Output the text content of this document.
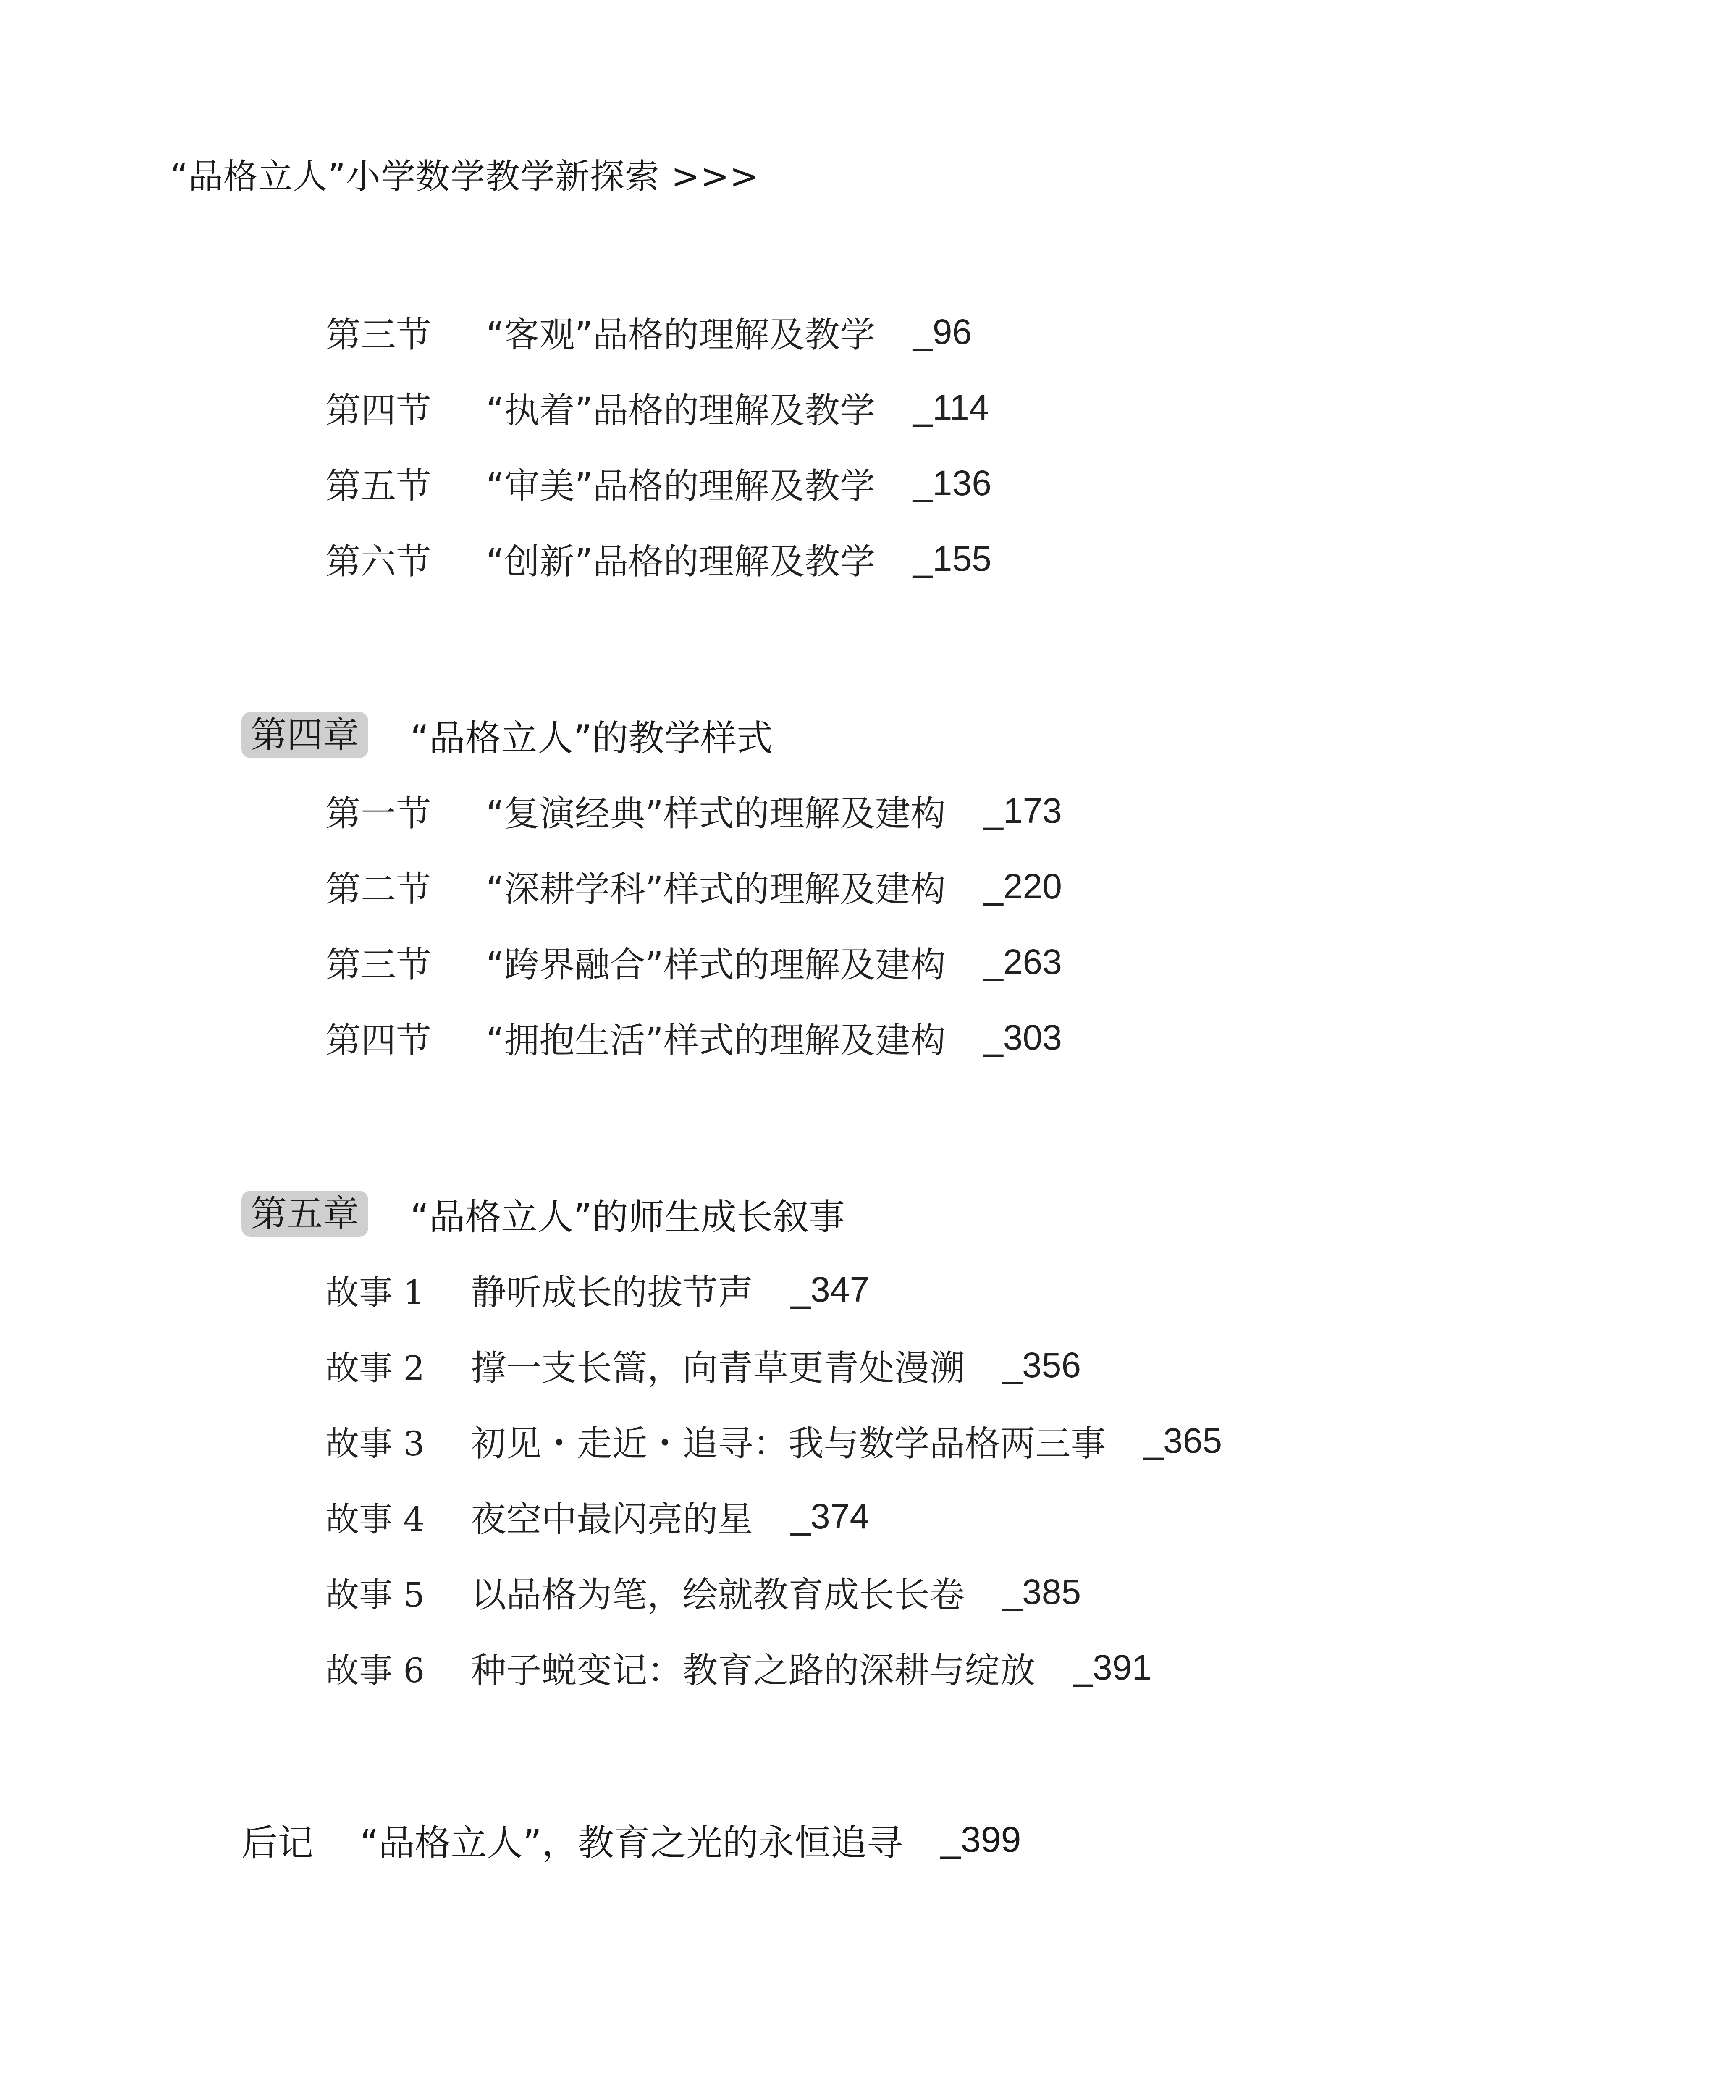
“品格立人”小学数学教学新探索 >>>
第三节 “客观”品格的理解及教学 _96
第四节 “执着”品格的理解及教学 _114
第五节 “审美”品格的理解及教学 _136
第六节 “创新”品格的理解及教学 _155
第四章 “品格立人”的教学样式
第一节 “复演经典”样式的理解及建构 _173
第二节 “深耕学科”样式的理解及建构 _220
第三节 “跨界融合”样式的理解及建构 _263
第四节 “拥抱生活”样式的理解及建构 _303
第五章 “品格立人”的师生成长叙事
故事 1 静听成长的拔节声 _347
故事 2 撑一支长篙，向青草更青处漫溯 _356
故事 3 初见・走近・追寻：我与数学品格两三事 _365
故事 4 夜空中最闪亮的星 _374
故事 5 以品格为笔，绘就教育成长长卷 _385
故事 6 种子蜕变记：教育之路的深耕与绽放 _391
后记 “品格立人”，教育之光的永恒追寻 _399
